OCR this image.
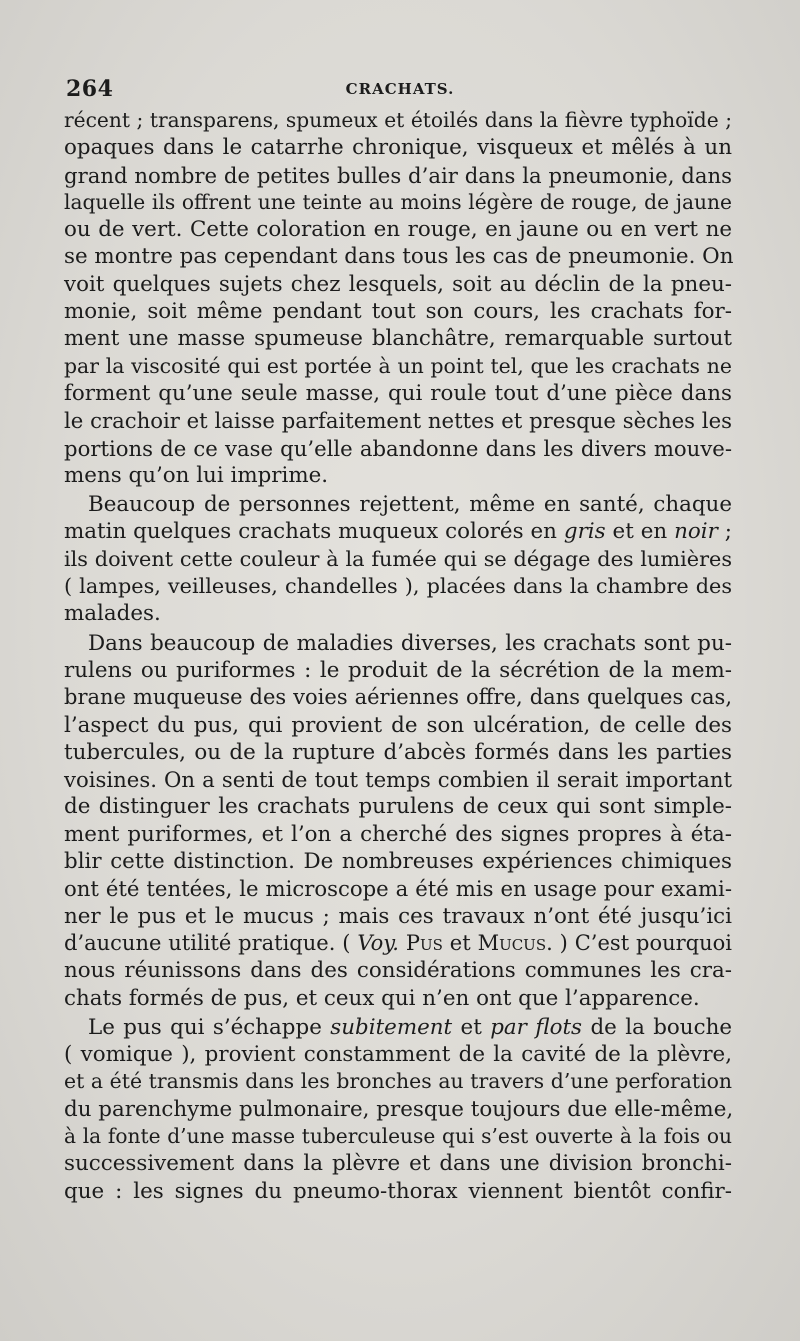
264	CRACHATS.
récent ; transparens, spumeux et étoilés dans la fièvre typhoïde ;
opaques dans le catarrhe chronique, visqueux et mêlés à un
grand nombre de petites bulles d’air dans la pneumonie, dans
laquelle ils offrent une teinte au moins légère de rouge, de jaune
ou de vert. Cette coloration en rouge, en jaune ou en vert ne
se montre pas cependant dans tous les cas de pneumonie. On
voit quelques sujets chez lesquels, soit au déclin de la pneu-
monie, soit même pendant tout son cours, les crachats for-
ment une masse spumeuse blanchâtre, remarquable surtout
par la viscosité qui est portée à un point tel, que les crachats ne
forment qu’une seule masse, qui roule tout d’une pièce dans
le crachoir et laisse parfaitement nettes et presque sèches les
portions de ce vase qu’elle abandonne dans les divers mouve-
mens qu’on lui imprime.
Beaucoup de personnes rejettent, même en santé, chaque
matin quelques crachats muqueux colorés en gris et en noir ;
ils doivent cette couleur à la fumée qui se dégage des lumières
( lampes, veilleuses, chandelles ), placées dans la chambre des
malades.
Dans beaucoup de maladies diverses, les crachats sont pu-
rulens ou puriformes : le produit de la sécrétion de la mem-
brane muqueuse des voies aériennes offre, dans quelques cas,
l’aspect du pus, qui provient de son ulcération, de celle des
tubercules, ou de la rupture d’abcès formés dans les parties
voisines. On a senti de tout temps combien il serait important
de distinguer les crachats purulens de ceux qui sont simple-
ment puriformes, et l’on a cherché des signes propres à éta-
blir cette distinction. De nombreuses expériences chimiques
ont été tentées, le microscope a été mis en usage pour exami-
ner le pus et le mucus ; mais ces travaux n’ont été jusqu’ici
d’aucune utilité pratique. ( Voy. Pus et Mucus. ) C’est pourquoi
nous réunissons dans des considérations communes les cra-
chats formés de pus, et ceux qui n’en ont que l’apparence.
Le pus qui s’échappe subitement et par flots de la bouche
( vomique ), provient constamment de la cavité de la plèvre,
et a été transmis dans les bronches au travers d’une perforation
du parenchyme pulmonaire, presque toujours due elle-même,
à la fonte d’une masse tuberculeuse qui s’est ouverte à la fois ou
successivement dans la plèvre et dans une division bronchi-
que : les signes du pneumo-thorax viennent bientôt confir-
